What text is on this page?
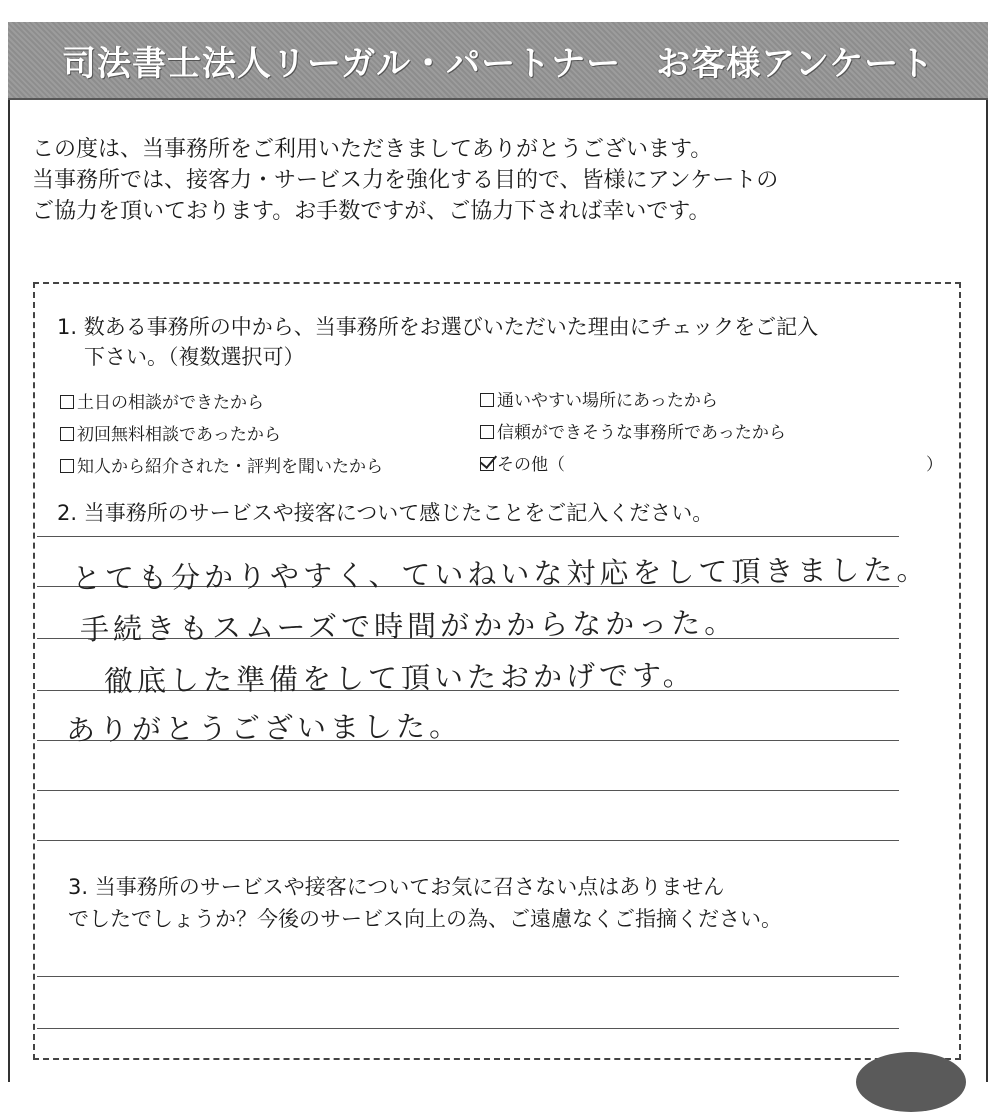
司法書士法人リーガル・パートナー　お客様アンケート
この度は、当事務所をご利用いただきましてありがとうございます。
当事務所では、接客力・サービス力を強化する目的で、皆様にアンケートの
ご協力を頂いております。お手数ですが、ご協力下されば幸いです。
1. 数ある事務所の中から、当事務所をお選びいただいた理由にチェックをご記入
下さい。（複数選択可）
土日の相談ができたから	通いやすい場所にあったから
初回無料相談であったから	信頼ができそうな事務所であったから
知人から紹介された・評判を聞いたから	その他（	）
2. 当事務所のサービスや接客について感じたことをご記入ください。
とても分かりやすく、ていねいな対応をして頂きました。
手続きもスムーズで時間がかからなかった。
徹底した準備をして頂いたおかげです。
ありがとうございました。
3. 当事務所のサービスや接客についてお気に召さない点はありません
でしたでしょうか？今後のサービス向上の為、ご遠慮なくご指摘ください。
